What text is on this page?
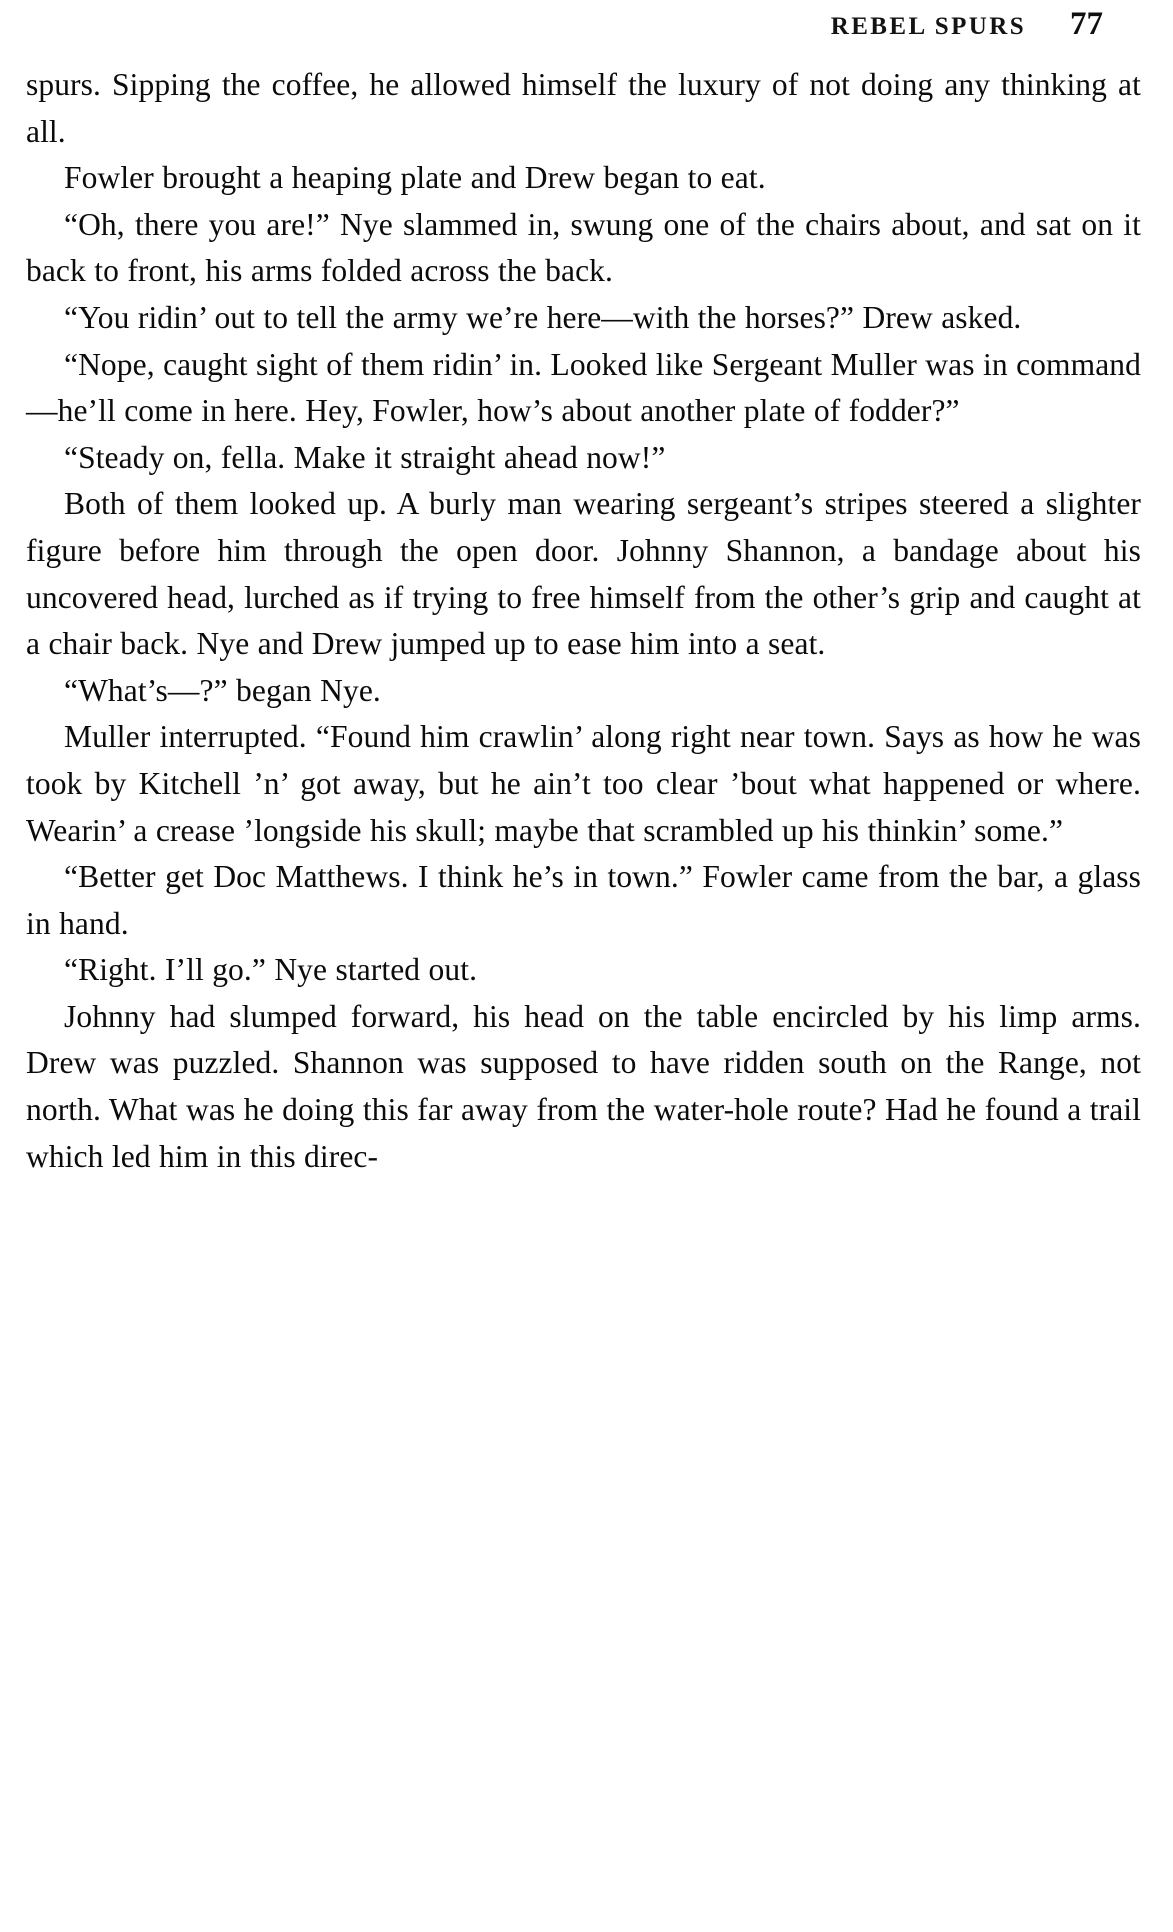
REBEL SPURS 77

spurs. Sipping the coffee, he allowed himself the luxury of not doing any thinking at all.

Fowler brought a heaping plate and Drew began to eat.

“Oh, there you are!” Nye slammed in, swung one of the chairs about, and sat on it back to front, his arms folded across the back.

“You ridin’ out to tell the army we’re here—with the horses?” Drew asked.

“Nope, caught sight of them ridin’ in. Looked like Sergeant Muller was in command—he’ll come in here. Hey, Fowler, how’s about another plate of fodder?”

“Steady on, fella. Make it straight ahead now!”

Both of them looked up. A burly man wearing sergeant’s stripes steered a slighter figure before him through the open door. Johnny Shannon, a bandage about his uncovered head, lurched as if trying to free himself from the other’s grip and caught at a chair back. Nye and Drew jumped up to ease him into a seat.

“What’s—?” began Nye.

Muller interrupted. “Found him crawlin’ along right near town. Says as how he was took by Kitchell ’n’ got away, but he ain’t too clear ’bout what happened or where. Wearin’ a crease ’longside his skull; maybe that scrambled up his thinkin’ some.”

“Better get Doc Matthews. I think he’s in town.” Fowler came from the bar, a glass in hand.

“Right. I’ll go.” Nye started out.

Johnny had slumped forward, his head on the table encircled by his limp arms. Drew was puzzled. Shannon was supposed to have ridden south on the Range, not north. What was he doing this far away from the water-hole route? Had he found a trail which led him in this direc-
